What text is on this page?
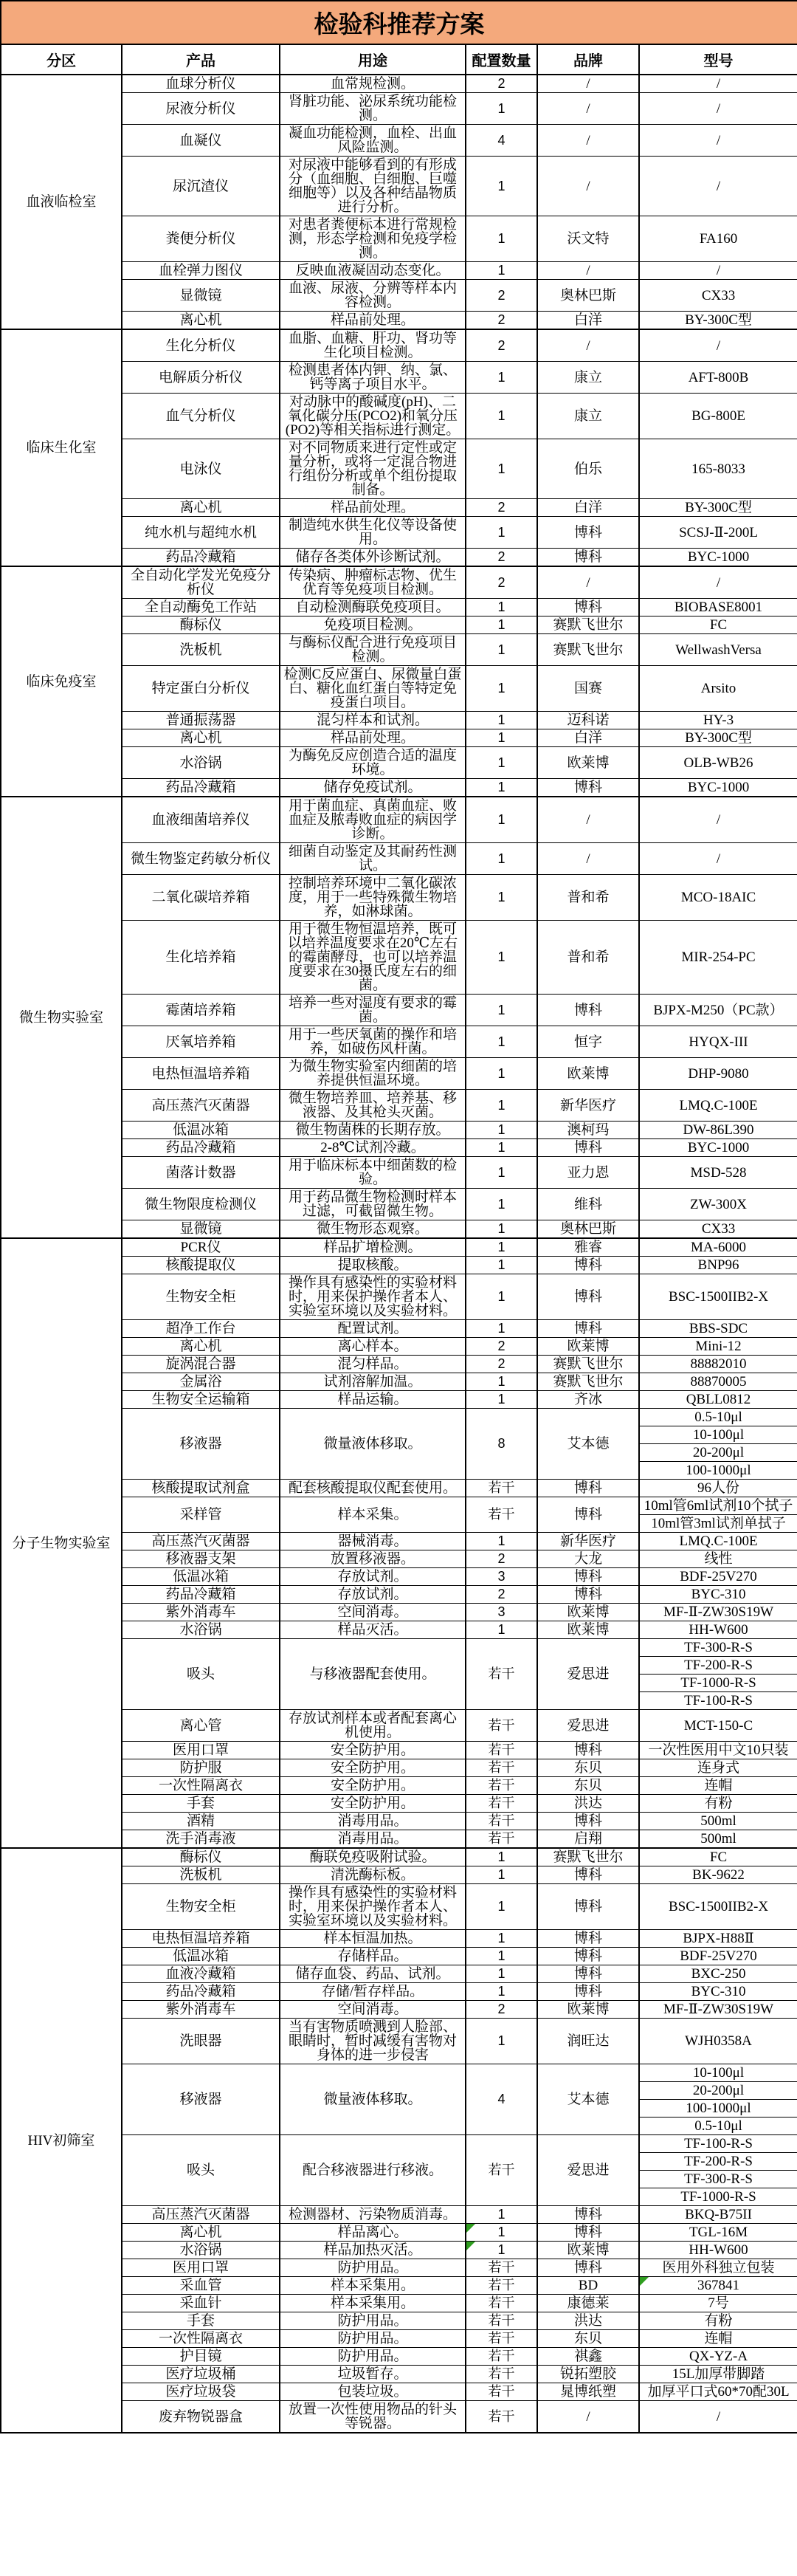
检验科推荐方案					
分区	产品	用途	配置数量	品牌	型号
血液临检室	血球分析仪	血常规检测。	2	/	/
	尿液分析仪	肾脏功能、泌尿系统功能检测。	1	/	/
	血凝仪	凝血功能检测，血栓、出血风险监测。	4	/	/
	尿沉渣仪	对尿液中能够看到的有形成分（血细胞、白细胞、巨噬细胞等）以及各种结晶物质进行分析。	1	/	/
	粪便分析仪	对患者粪便标本进行常规检测，形态学检测和免疫学检测。	1	沃文特	FA160
	血栓弹力图仪	反映血液凝固动态变化。	1	/	/
	显微镜	血液、尿液、分辨等样本内容检测。	2	奥林巴斯	CX33
	离心机	样品前处理。	2	白洋	BY-300C型
临床生化室	生化分析仪	血脂、血糖、肝功、肾功等生化项目检测。	2	/	/
	电解质分析仪	检测患者体内钾、纳、氯、钙等离子项目水平。	1	康立	AFT-800B
	血气分析仪	对动脉中的酸碱度(pH)、二氧化碳分压(PCO2)和氧分压(PO2)等相关指标进行测定。	1	康立	BG-800E
	电泳仪	对不同物质来进行定性或定量分析，或将一定混合物进行组份分析或单个组份提取制备。	1	伯乐	165-8033
	离心机	样品前处理。	2	白洋	BY-300C型
	纯水机与超纯水机	制造纯水供生化仪等设备使用。	1	博科	SCSJ-Ⅱ-200L
	药品冷藏箱	储存各类体外诊断试剂。	2	博科	BYC-1000
临床免疫室	全自动化学发光免疫分析仪	传染病、肿瘤标志物、优生优育等免疫项目检测。	2	/	/
	全自动酶免工作站	自动检测酶联免疫项目。	1	博科	BIOBASE8001
	酶标仪	免疫项目检测。	1	赛默飞世尔	FC
	洗板机	与酶标仪配合进行免疫项目检测。	1	赛默飞世尔	WellwashVersa
	特定蛋白分析仪	检测C反应蛋白、尿微量白蛋白、糖化血红蛋白等特定免疫蛋白项目。	1	国赛	Arsito
	普通振荡器	混匀样本和试剂。	1	迈科诺	HY-3
	离心机	样品前处理。	1	白洋	BY-300C型
	水浴锅	为酶免反应创造合适的温度环境。	1	欧莱博	OLB-WB26
	药品冷藏箱	储存免疫试剂。	1	博科	BYC-1000
微生物实验室	血液细菌培养仪	用于菌血症、真菌血症、败血症及脓毒败血症的病因学诊断。	1	/	/
	微生物鉴定药敏分析仪	细菌自动鉴定及其耐药性测试。	1	/	/
	二氧化碳培养箱	控制培养环境中二氧化碳浓度，用于一些特殊微生物培养，如淋球菌。	1	普和希	MCO-18AIC
	生化培养箱	用于微生物恒温培养，既可以培养温度要求在20℃左右的霉菌酵母，也可以培养温度要求在30摄氏度左右的细菌。	1	普和希	MIR-254-PC
	霉菌培养箱	培养一些对湿度有要求的霉菌。	1	博科	BJPX-M250（PC款）
	厌氧培养箱	用于一些厌氧菌的操作和培养，如破伤风杆菌。	1	恒字	HYQX-III
	电热恒温培养箱	为微生物实验室内细菌的培养提供恒温环境。	1	欧莱博	DHP-9080
	高压蒸汽灭菌器	微生物培养皿、培养基、移液器、及其枪头灭菌。	1	新华医疗	LMQ.C-100E
	低温冰箱	微生物菌株的长期存放。	1	澳柯玛	DW-86L390
	药品冷藏箱	2-8℃试剂冷藏。	1	博科	BYC-1000
	菌落计数器	用于临床标本中细菌数的检验。	1	亚力恩	MSD-528
	微生物限度检测仪	用于药品微生物检测时样本过滤，可截留微生物。	1	维科	ZW-300X
	显微镜	微生物形态观察。	1	奥林巴斯	CX33
分子生物实验室	PCR仪	样品扩增检测。	1	雅睿	MA-6000
	核酸提取仪	提取核酸。	1	博科	BNP96
	生物安全柜	操作具有感染性的实验材料时，用来保护操作者本人、实验室环境以及实验材料。	1	博科	BSC-1500IIB2-X
	超净工作台	配置试剂。	1	博科	BBS-SDC
	离心机	离心样本。	2	欧莱博	Mini-12
	旋涡混合器	混匀样品。	2	赛默飞世尔	88882010
	金属浴	试剂溶解加温。	1	赛默飞世尔	88870005
	生物安全运输箱	样品运输。	1	齐冰	QBLL0812
	移液器	微量液体移取。	8	艾本德	0.5-10μl
					10-100μl
					20-200μl
					100-1000μl
	核酸提取试剂盒	配套核酸提取仪配套使用。	若干	博科	96人份
	采样管	样本采集。	若干	博科	10ml管6ml试剂10个拭子
					10ml管3ml试剂单拭子
	高压蒸汽灭菌器	器械消毒。	1	新华医疗	LMQ.C-100E
	移液器支架	放置移液器。	2	大龙	线性
	低温冰箱	存放试剂。	3	博科	BDF-25V270
	药品冷藏箱	存放试剂。	2	博科	BYC-310
	紫外消毒车	空间消毒。	3	欧莱博	MF-Ⅱ-ZW30S19W
	水浴锅	样品灭活。	1	欧莱博	HH-W600
	吸头	与移液器配套使用。	若干	爱思进	TF-300-R-S
					TF-200-R-S
					TF-1000-R-S
					TF-100-R-S
	离心管	存放试剂样本或者配套离心机使用。	若干	爱思进	MCT-150-C
	医用口罩	安全防护用。	若干	博科	一次性医用中文10只装
	防护服	安全防护用。	若干	东贝	连身式
	一次性隔离衣	安全防护用。	若干	东贝	连帽
	手套	安全防护用。	若干	洪达	有粉
	酒精	消毒用品。	若干	博科	500ml
	洗手消毒液	消毒用品。	若干	启翔	500ml
HIV初筛室	酶标仪	酶联免疫吸附试验。	1	赛默飞世尔	FC
	洗板机	清洗酶标板。	1	博科	BK-9622
	生物安全柜	操作具有感染性的实验材料时，用来保护操作者本人、实验室环境以及实验材料。	1	博科	BSC-1500IIB2-X
	电热恒温培养箱	样本恒温加热。	1	博科	BJPX-H88Ⅱ
	低温冰箱	存储样品。	1	博科	BDF-25V270
	血液冷藏箱	储存血袋、药品、试剂。	1	博科	BXC-250
	药品冷藏箱	存储/暂存样品。	1	博科	BYC-310
	紫外消毒车	空间消毒。	2	欧莱博	MF-Ⅱ-ZW30S19W
	洗眼器	当有害物质喷溅到人脸部、眼睛时，暂时减缓有害物对身体的进一步侵害	1	润旺达	WJH0358A
	移液器	微量液体移取。	4	艾本德	10-100μl
					20-200μl
					100-1000μl
					0.5-10μl
	吸头	配合移液器进行移液。	若干	爱思进	TF-100-R-S
					TF-200-R-S
					TF-300-R-S
					TF-1000-R-S
	高压蒸汽灭菌器	检测器材、污染物质消毒。	1	博科	BKQ-B75II
	离心机	样品离心。	1	博科	TGL-16M
	水浴锅	样品加热灭活。	1	欧莱博	HH-W600
	医用口罩	防护用品。	若干	博科	医用外科独立包装
	采血管	样本采集用。	若干	BD	367841
	采血针	样本采集用。	若干	康德莱	7号
	手套	防护用品。	若干	洪达	有粉
	一次性隔离衣	防护用品。	若干	东贝	连帽
	护目镜	防护用品。	若干	祺鑫	QX-YZ-A
	医疗垃圾桶	垃圾暂存。	若干	锐拓塑胶	15L加厚带脚踏
	医疗垃圾袋	包装垃圾。	若干	晁博纸塑	加厚平口式60*70配30L
	废弃物锐器盒	放置一次性使用物品的针头等锐器。	若干	/	/
